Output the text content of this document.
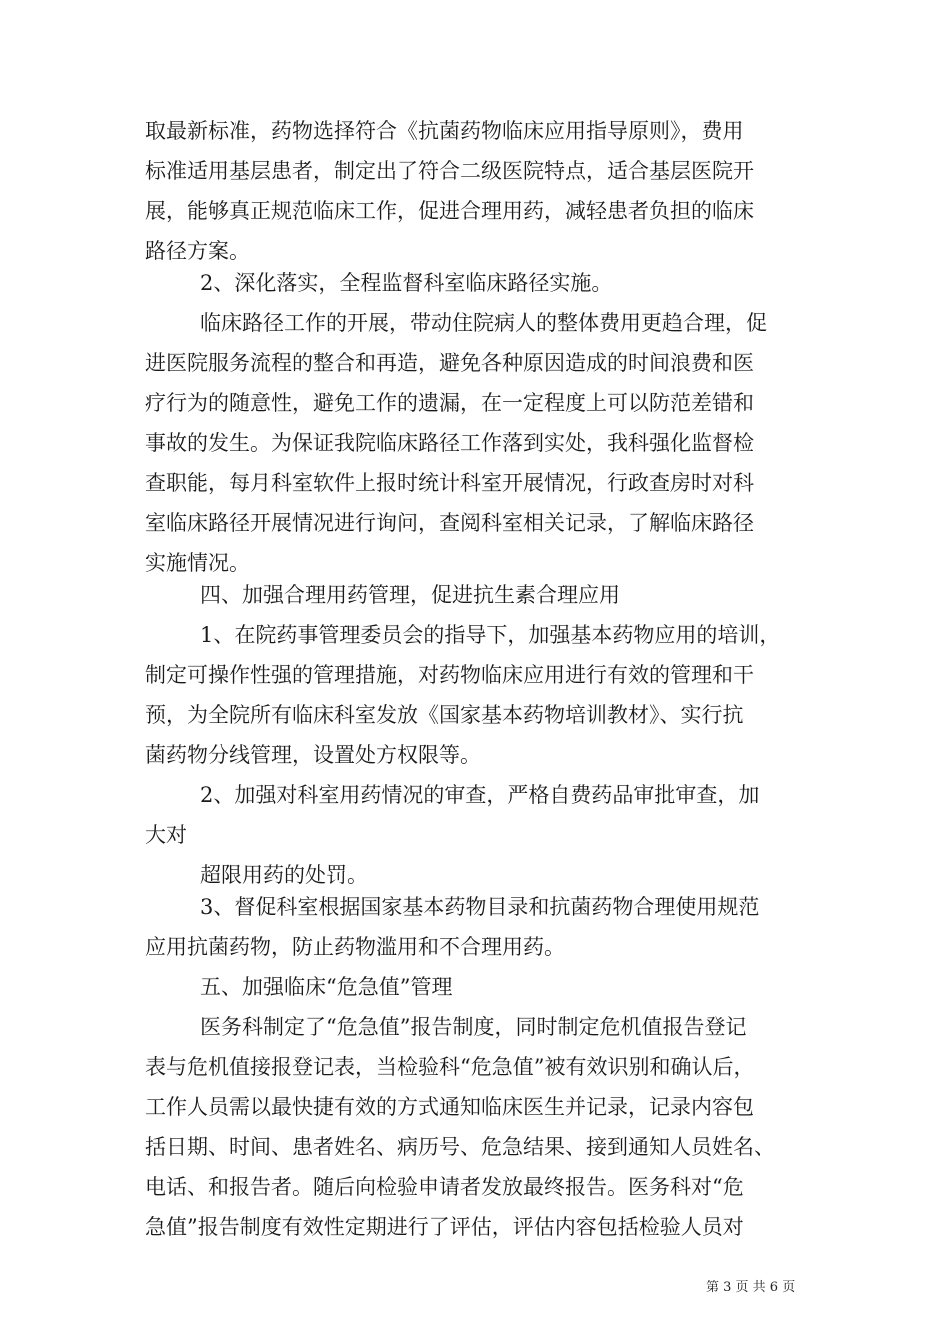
取最新标准，药物选择符合《抗菌药物临床应用指导原则》，费用
标准适用基层患者，制定出了符合二级医院特点，适合基层医院开
展，能够真正规范临床工作，促进合理用药，减轻患者负担的临床
路径方案。
2、深化落实，全程监督科室临床路径实施。
临床路径工作的开展，带动住院病人的整体费用更趋合理，促
进医院服务流程的整合和再造，避免各种原因造成的时间浪费和医
疗行为的随意性，避免工作的遗漏，在一定程度上可以防范差错和
事故的发生。为保证我院临床路径工作落到实处，我科强化监督检
查职能，每月科室软件上报时统计科室开展情况，行政查房时对科
室临床路径开展情况进行询问，查阅科室相关记录，了解临床路径
实施情况。
四、加强合理用药管理，促进抗生素合理应用
1、在院药事管理委员会的指导下，加强基本药物应用的培训，
制定可操作性强的管理措施，对药物临床应用进行有效的管理和干
预，为全院所有临床科室发放《国家基本药物培训教材》、实行抗
菌药物分线管理，设置处方权限等。
2、加强对科室用药情况的审查，严格自费药品审批审查，加
大对
超限用药的处罚。
3、督促科室根据国家基本药物目录和抗菌药物合理使用规范
应用抗菌药物，防止药物滥用和不合理用药。
五、加强临床“危急值”管理
医务科制定了“危急值”报告制度，同时制定危机值报告登记
表与危机值接报登记表，当检验科“危急值”被有效识别和确认后，
工作人员需以最快捷有效的方式通知临床医生并记录，记录内容包
括日期、时间、患者姓名、病历号、危急结果、接到通知人员姓名、
电话、和报告者。随后向检验申请者发放最终报告。医务科对“危
急值”报告制度有效性定期进行了评估，评估内容包括检验人员对
第 3 页 共 6 页
